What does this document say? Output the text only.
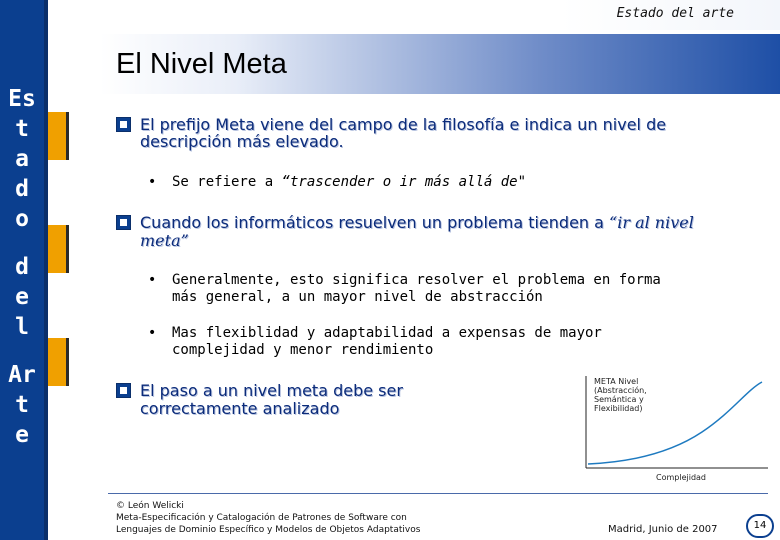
Es
t
a
d
o
d
e
l
Ar
t
e
Estado del arte
El Nivel Meta
El prefijo Meta viene del campo de la filosofía e indica un nivel de
descripción más elevado.
• Se refiere a “trascender o ir más allá de"
Cuando los informáticos resuelven un problema tienden a “ir al nivel
meta”
• Generalmente, esto significa resolver el problema en forma
más general, a un mayor nivel de abstracción
• Mas flexiblidad y adaptabilidad a expensas de mayor
complejidad y menor rendimiento
El paso a un nivel meta debe ser
correctamente analizado
META Nivel
(Abstracción,
Semántica y
Flexibilidad)
Complejidad
© León Welicki
Meta-Especificación y Catalogación de Patrones de Software con
Lenguajes de Dominio Específico y Modelos de Objetos Adaptativos	Madrid, Junio de 2007	14
